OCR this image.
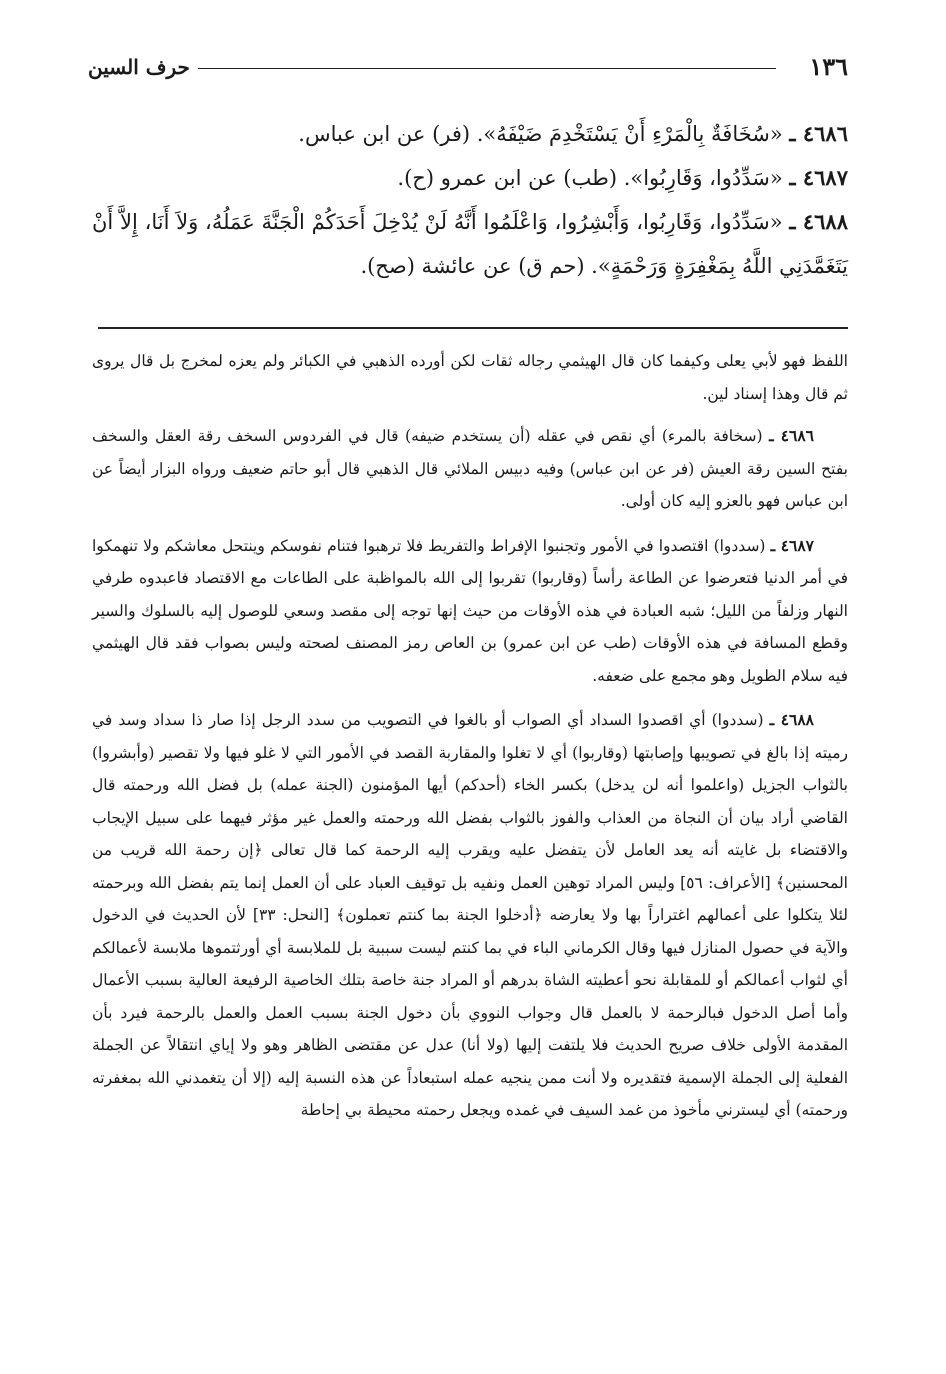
١٣٦
حرف السين

٤٦٨٦ ـ «سُخَافَةٌ بِالْمَرْءِ أَنْ يَسْتَخْدِمَ ضَيْفَهُ». (فر) عن ابن عباس.

٤٦٨٧ ـ «سَدِّدُوا، وَقَارِبُوا». (طب) عن ابن عمرو (ح).

٤٦٨٨ ـ «سَدِّدُوا، وَقَارِبُوا، وَأَبْشِرُوا، وَاعْلَمُوا أَنَّهُ لَنْ يُدْخِلَ أَحَدَكُمْ الْجَنَّةَ عَمَلُهُ، وَلاَ أَنَا، إِلاَّ أَنْ يَتَغَمَّدَنِي اللَّهُ بِمَغْفِرَةٍ وَرَحْمَةٍ». (حم ق) عن عائشة (صح).

اللفظ فهو لأبي يعلى وكيفما كان قال الهيثمي رجاله ثقات لكن أورده الذهبي في الكبائر ولم يعزه لمخرج بل قال يروى ثم قال وهذا إسناد لين.

٤٦٨٦ ـ (سخافة بالمرء) أي نقص في عقله (أن يستخدم ضيفه) قال في الفردوس السخف رقة العقل والسخف بفتح السين رقة العيش (فر عن ابن عباس) وفيه دبيس الملائي قال الذهبي قال أبو حاتم ضعيف ورواه البزار أيضاً عن ابن عباس فهو بالعزو إليه كان أولى.

٤٦٨٧ ـ (سددوا) اقتصدوا في الأمور وتجنبوا الإفراط والتفريط فلا ترهبوا فتنام نفوسكم وينتحل معاشكم ولا تنهمكوا في أمر الدنيا فتعرضوا عن الطاعة رأساً (وقاربوا) تقربوا إلى الله بالمواظبة على الطاعات مع الاقتصاد فاعبدوه طرفي النهار وزلفاً من الليل؛ شبه العبادة في هذه الأوقات من حيث إنها توجه إلى مقصد وسعي للوصول إليه بالسلوك والسير وقطع المسافة في هذه الأوقات (طب عن ابن عمرو) بن العاص رمز المصنف لصحته وليس بصواب فقد قال الهيثمي فيه سلام الطويل وهو مجمع على ضعفه.

٤٦٨٨ ـ (سددوا) أي اقصدوا السداد أي الصواب أو بالغوا في التصويب من سدد الرجل إذا صار ذا سداد وسد في رميته إذا بالغ في تصويبها وإصابتها (وقاربوا) أي لا تغلوا والمقاربة القصد في الأمور التي لا غلو فيها ولا تقصير (وأبشروا) بالثواب الجزيل (واعلموا أنه لن يدخل) بكسر الخاء (أحدكم) أيها المؤمنون (الجنة عمله) بل فضل الله ورحمته قال القاضي أراد بيان أن النجاة من العذاب والفوز بالثواب بفضل الله ورحمته والعمل غير مؤثر فيهما على سبيل الإيجاب والاقتضاء بل غايته أنه يعد العامل لأن يتفضل عليه ويقرب إليه الرحمة كما قال تعالى ﴿إن رحمة الله قريب من المحسنين﴾ [الأعراف: ٥٦] وليس المراد توهين العمل ونفيه بل توقيف العباد على أن العمل إنما يتم بفضل الله وبرحمته لئلا يتكلوا على أعمالهم اغتراراً بها ولا يعارضه ﴿أدخلوا الجنة بما كنتم تعملون﴾ [النحل: ٣٣] لأن الحديث في الدخول والآية في حصول المنازل فيها وقال الكرماني الباء في بما كنتم ليست سببية بل للملابسة أي أورثتموها ملابسة لأعمالكم أي لثواب أعمالكم أو للمقابلة نحو أعطيته الشاة بدرهم أو المراد جنة خاصة بتلك الخاصية الرفيعة العالية بسبب الأعمال وأما أصل الدخول فبالرحمة لا بالعمل قال وجواب النووي بأن دخول الجنة بسبب العمل والعمل بالرحمة فيرد بأن المقدمة الأولى خلاف صريح الحديث فلا يلتفت إليها (ولا أنا) عدل عن مقتضى الظاهر وهو ولا إياي انتقالاً عن الجملة الفعلية إلى الجملة الإسمية فتقديره ولا أنت ممن ينجيه عمله استبعاداً عن هذه النسبة إليه (إلا أن يتغمدني الله بمغفرته ورحمته) أي ليسترني مأخوذ من غمد السيف في غمده ويجعل رحمته محيطة بي إحاطة
